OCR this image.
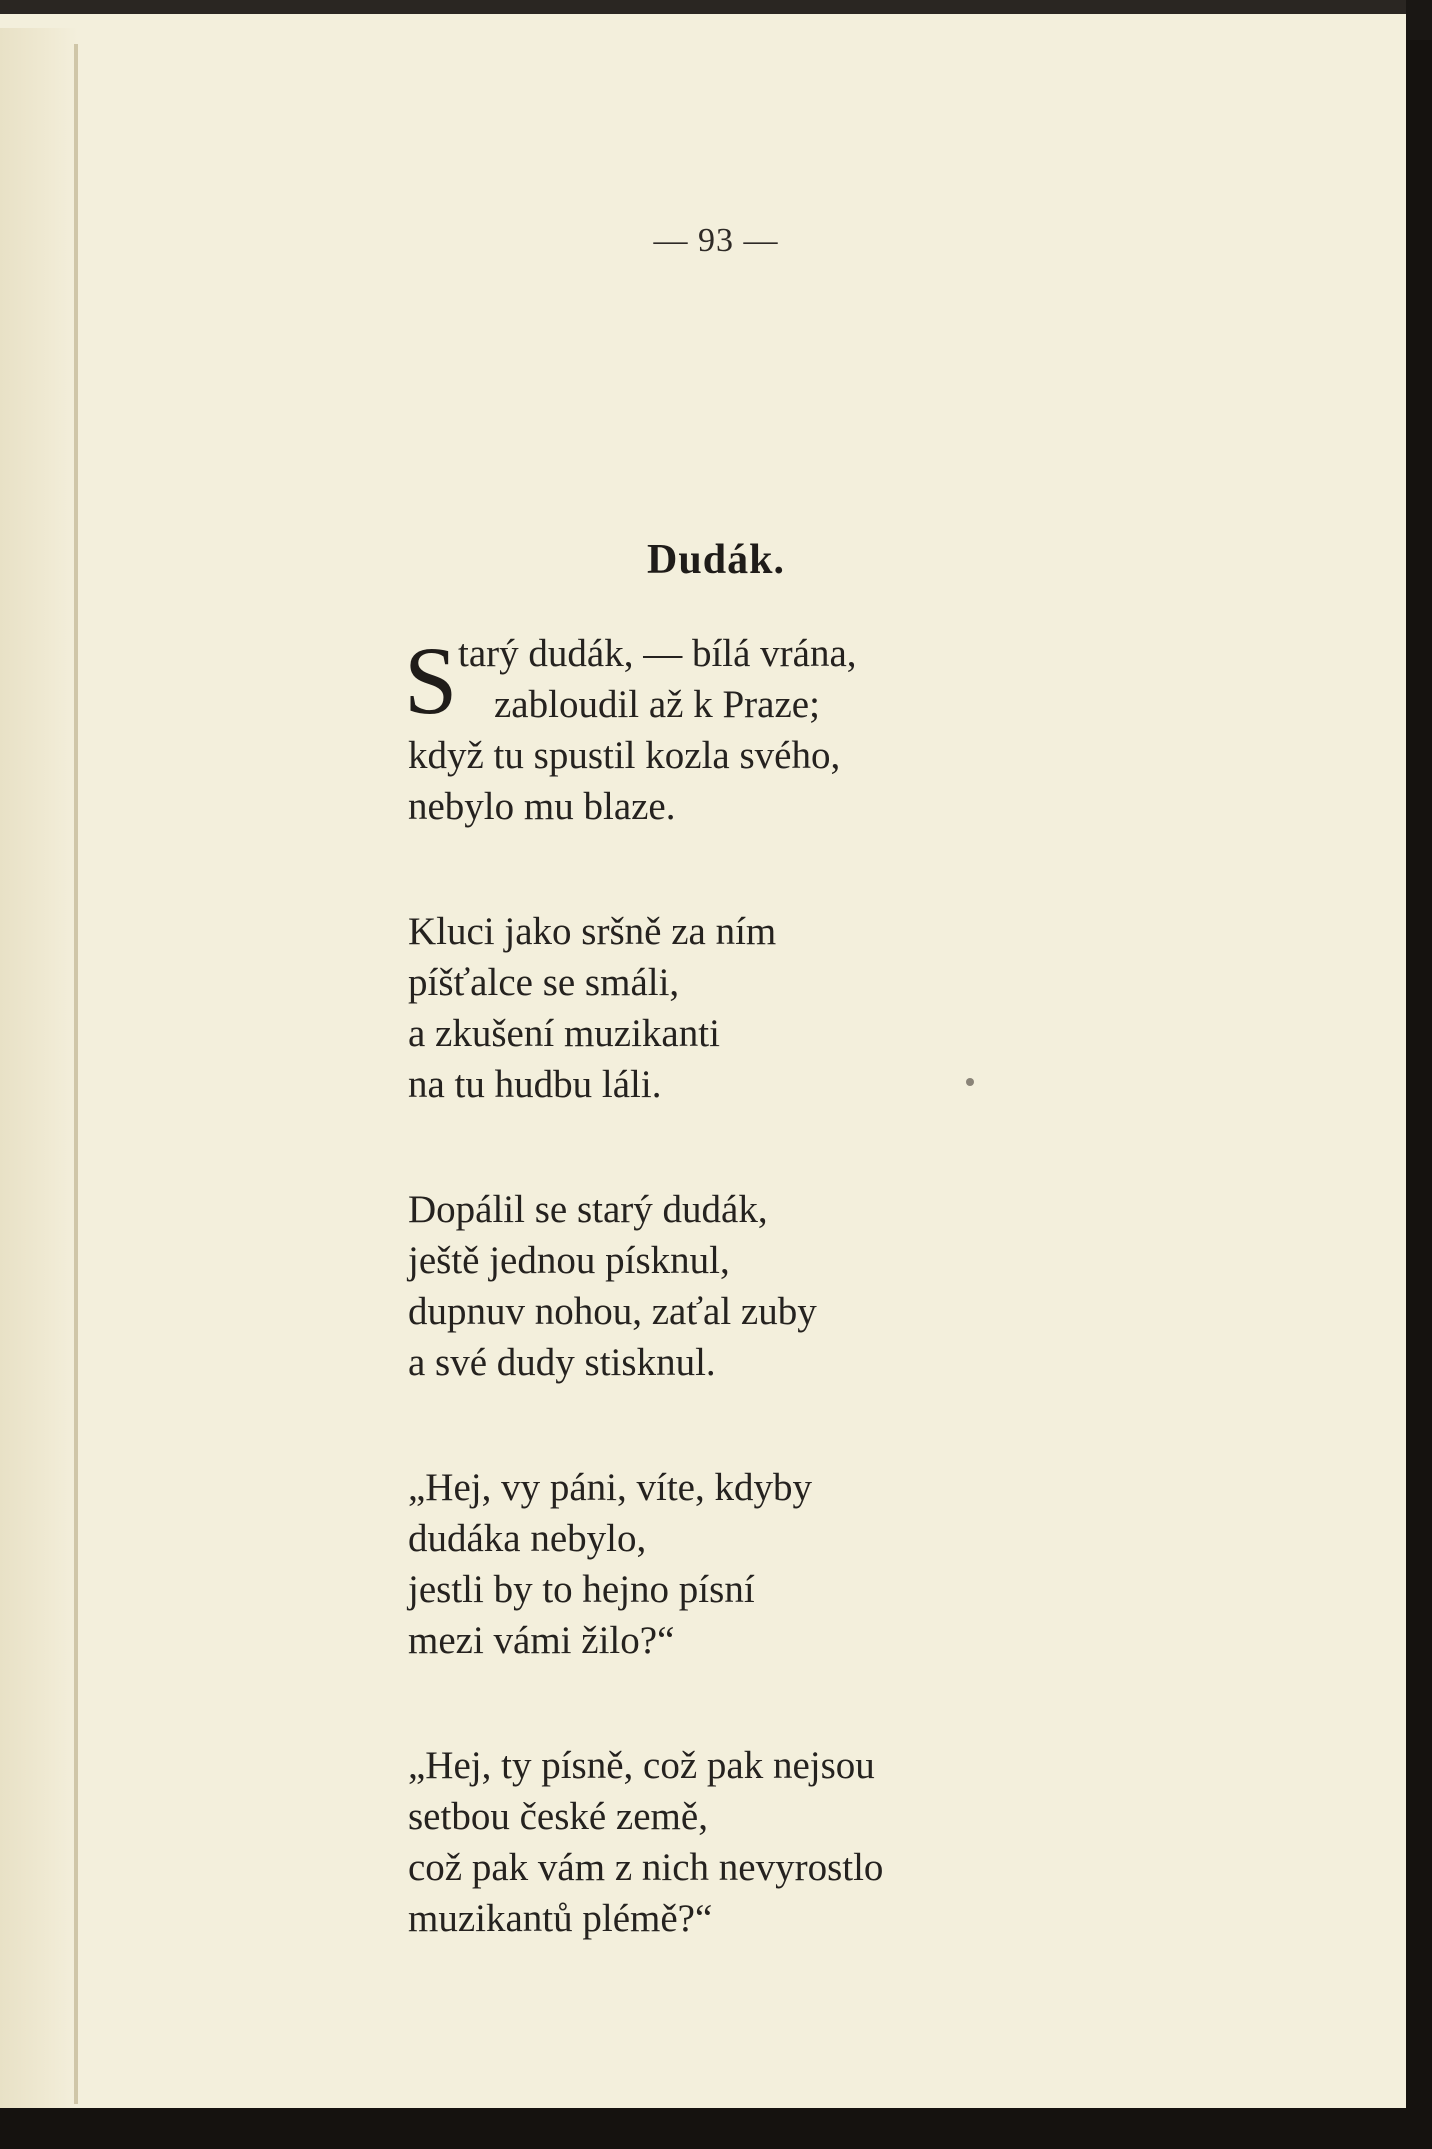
— 93 —
Dudák.
S tarý dudák, — bílá vrána,
zabloudil až k Praze;
když tu spustil kozla svého,
nebylo mu blaze.
Kluci jako sršně za ním
píšťalce se smáli,
a zkušení muzikanti
na tu hudbu láli.
Dopálil se starý dudák,
ještě jednou písknul,
dupnuv nohou, zaťal zuby
a své dudy stisknul.
„Hej, vy páni, víte, kdyby
dudáka nebylo,
jestli by to hejno písní
mezi vámi žilo?“
„Hej, ty písně, což pak nejsou
setbou české země,
což pak vám z nich nevyrostlo
muzikantů plémě?“
